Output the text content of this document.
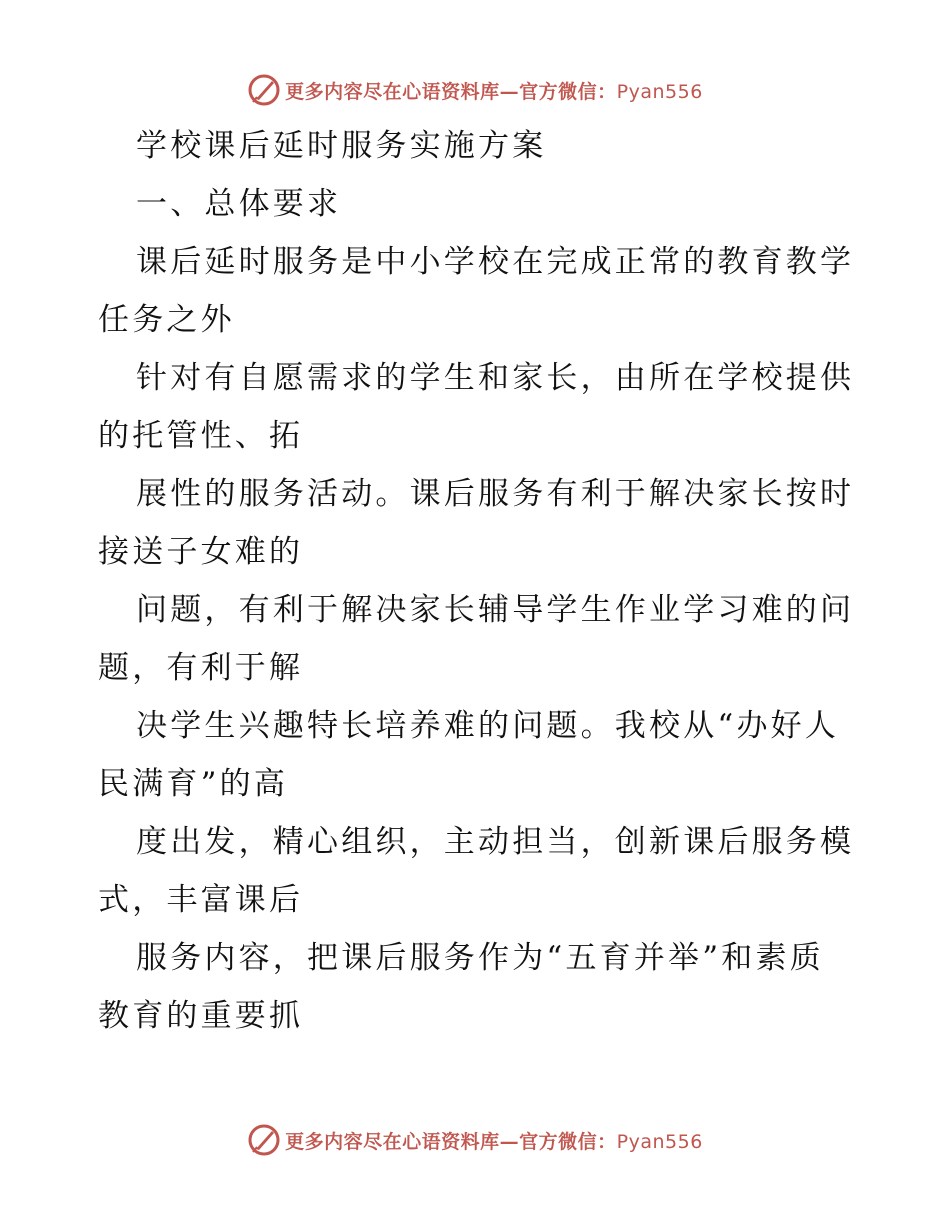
更多内容尽在心语资料库—官方微信：Pyan556
学校课后延时服务实施方案
一、总体要求
课后延时服务是中小学校在完成正常的教育教学
任务之外
针对有自愿需求的学生和家长，由所在学校提供
的托管性、拓
展性的服务活动。课后服务有利于解决家长按时
接送子女难的
问题，有利于解决家长辅导学生作业学习难的问
题，有利于解
决学生兴趣特长培养难的问题。我校从“办好人
民满育”的高
度出发，精心组织，主动担当，创新课后服务模
式，丰富课后
服务内容，把课后服务作为“五育并举”和素质
教育的重要抓
更多内容尽在心语资料库—官方微信：Pyan556
